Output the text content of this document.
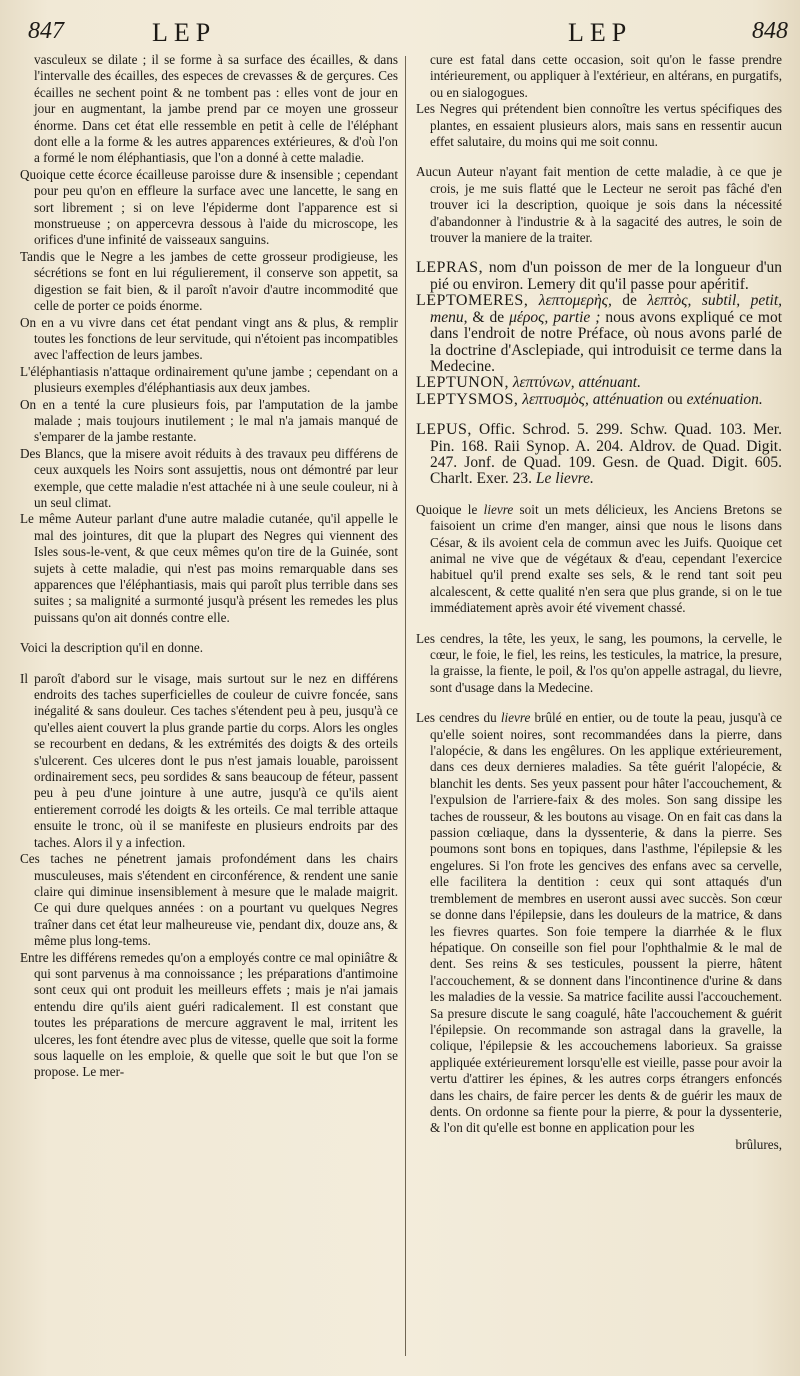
847	LEP	LEP	848

vasculeux se dilate ; il se forme à sa surface des écailles, & dans l'intervalle des écailles, des especes de crevasses & de gerçures. Ces écailles ne sechent point & ne tombent pas : elles vont de jour en jour en augmentant, la jambe prend par ce moyen une grosseur énorme. Dans cet état elle ressemble en petit à celle de l'éléphant dont elle a la forme & les autres apparences extérieures, & d'où l'on a formé le nom éléphantiasis, que l'on a donné à cette maladie.

Quoique cette écorce écailleuse paroisse dure & insensible ; cependant pour peu qu'on en effleure la surface avec une lancette, le sang en sort librement ; si on leve l'épiderme dont l'apparence est si monstrueuse ; on appercevra dessous à l'aide du microscope, les orifices d'une infinité de vaisseaux sanguins.

Tandis que le Negre a les jambes de cette grosseur prodigieuse, les sécrétions se font en lui régulierement, il conserve son appetit, sa digestion se fait bien, & il paroît n'avoir d'autre incommodité que celle de porter ce poids énorme.

On en a vu vivre dans cet état pendant vingt ans & plus, & remplir toutes les fonctions de leur servitude, qui n'étoient pas incompatibles avec l'affection de leurs jambes.

L'éléphantiasis n'attaque ordinairement qu'une jambe ; cependant on a plusieurs exemples d'éléphantiasis aux deux jambes.

On en a tenté la cure plusieurs fois, par l'amputation de la jambe malade ; mais toujours inutilement ; le mal n'a jamais manqué de s'emparer de la jambe restante.

Des Blancs, que la misere avoit réduits à des travaux peu différens de ceux auxquels les Noirs sont assujettis, nous ont démontré par leur exemple, que cette maladie n'est attachée ni à une seule couleur, ni à un seul climat.

Le même Auteur parlant d'une autre maladie cutanée, qu'il appelle le mal des jointures, dit que la plupart des Negres qui viennent des Isles sous-le-vent, & que ceux mêmes qu'on tire de la Guinée, sont sujets à cette maladie, qui n'est pas moins remarquable dans ses apparences que l'éléphantiasis, mais qui paroît plus terrible dans ses suites ; sa malignité a surmonté jusqu'à présent les remedes les plus puissans qu'on ait donnés contre elle.

Voici la description qu'il en donne.

Il paroît d'abord sur le visage, mais surtout sur le nez en différens endroits des taches superficielles de couleur de cuivre foncée, sans inégalité & sans douleur. Ces taches s'étendent peu à peu, jusqu'à ce qu'elles aient couvert la plus grande partie du corps. Alors les ongles se recourbent en dedans, & les extrémités des doigts & des orteils s'ulcerent. Ces ulceres dont le pus n'est jamais louable, paroissent ordinairement secs, peu sordides & sans beaucoup de féteur, passent peu à peu d'une jointure à une autre, jusqu'à ce qu'ils aient entierement corrodé les doigts & les orteils. Ce mal terrible attaque ensuite le tronc, où il se manifeste en plusieurs endroits par des taches. Alors il y a infection.

Ces taches ne pénetrent jamais profondément dans les chairs musculeuses, mais s'étendent en circonférence, & rendent une sanie claire qui diminue insensiblement à mesure que le malade maigrit. Ce qui dure quelques années : on a pourtant vu quelques Negres traîner dans cet état leur malheureuse vie, pendant dix, douze ans, & même plus long-tems.

Entre les différens remedes qu'on a employés contre ce mal opiniâtre & qui sont parvenus à ma connoissance ; les préparations d'antimoine sont ceux qui ont produit les meilleurs effets ; mais je n'ai jamais entendu dire qu'ils aient guéri radicalement. Il est constant que toutes les préparations de mercure aggravent le mal, irritent les ulceres, les font étendre avec plus de vitesse, quelle que soit la forme sous laquelle on les emploie, & quelle que soit le but que l'on se propose. Le mer-

cure est fatal dans cette occasion, soit qu'on le fasse prendre intérieurement, ou appliquer à l'extérieur, en altérans, en purgatifs, ou en sialogogues.

Les Negres qui prétendent bien connoître les vertus spécifiques des plantes, en essaient plusieurs alors, mais sans en ressentir aucun effet salutaire, du moins qui me soit connu.

Aucun Auteur n'ayant fait mention de cette maladie, à ce que je crois, je me suis flatté que le Lecteur ne seroit pas fâché d'en trouver ici la description, quoique je sois dans la nécessité d'abandonner à l'industrie & à la sagacité des autres, le soin de trouver la maniere de la traiter.

LEPRAS, nom d'un poisson de mer de la longueur d'un pié ou environ. Lemery dit qu'il passe pour apéritif.

LEPTOMERES, λεπτομερὴς, de λεπτὸς, subtil, petit, menu, & de μέρος, partie ; nous avons expliqué ce mot dans l'endroit de notre Préface, où nous avons parlé de la doctrine d'Asclepiade, qui introduisit ce terme dans la Medecine.

LEPTUNON, λεπτύνων, atténuant.

LEPTYSMOS, λεπτυσμὸς, atténuation ou exténuation.

LEPUS, Offic. Schrod. 5. 299. Schw. Quad. 103. Mer. Pin. 168. Raii Synop. A. 204. Aldrov. de Quad. Digit. 247. Jonf. de Quad. 109. Gesn. de Quad. Digit. 605. Charlt. Exer. 23. Le lievre.

Quoique le lievre soit un mets délicieux, les Anciens Bretons se faisoient un crime d'en manger, ainsi que nous le lisons dans César, & ils avoient cela de commun avec les Juifs. Quoique cet animal ne vive que de végétaux & d'eau, cependant l'exercice habituel qu'il prend exalte ses sels, & le rend tant soit peu alcalescent, & cette qualité n'en sera que plus grande, si on le tue immédiatement après avoir été vivement chassé.

Les cendres, la tête, les yeux, le sang, les poumons, la cervelle, le cœur, le foie, le fiel, les reins, les testicules, la matrice, la presure, la graisse, la fiente, le poil, & l'os qu'on appelle astragal, du lievre, sont d'usage dans la Medecine.

Les cendres du lievre brûlé en entier, ou de toute la peau, jusqu'à ce qu'elle soient noires, sont recommandées dans la pierre, dans l'alopécie, & dans les engêlures. On les applique extérieurement, dans ces deux dernieres maladies. Sa tête guérit l'alopécie, & blanchit les dents. Ses yeux passent pour hâter l'accouchement, & l'expulsion de l'arriere-faix & des moles. Son sang dissipe les taches de rousseur, & les boutons au visage. On en fait cas dans la passion cœliaque, dans la dyssenterie, & dans la pierre. Ses poumons sont bons en topiques, dans l'asthme, l'épilepsie & les engelures. Si l'on frote les gencives des enfans avec sa cervelle, elle facilitera la dentition : ceux qui sont attaqués d'un tremblement de membres en useront aussi avec succès. Son cœur se donne dans l'épilepsie, dans les douleurs de la matrice, & dans les fievres quartes. Son foie tempere la diarrhée & le flux hépatique. On conseille son fiel pour l'ophthalmie & le mal de dent. Ses reins & ses testicules, poussent la pierre, hâtent l'accouchement, & se donnent dans l'incontinence d'urine & dans les maladies de la vessie. Sa matrice facilite aussi l'accouchement. Sa presure discute le sang coagulé, hâte l'accouchement & guérit l'épilepsie. On recommande son astragal dans la gravelle, la colique, l'épilepsie & les accouchemens laborieux. Sa graisse appliquée extérieurement lorsqu'elle est vieille, passe pour avoir la vertu d'attirer les épines, & les autres corps étrangers enfoncés dans les chairs, de faire percer les dents & de guérir les maux de dents. On ordonne sa fiente pour la pierre, & pour la dyssenterie, & l'on dit qu'elle est bonne en application pour les

brûlures,
